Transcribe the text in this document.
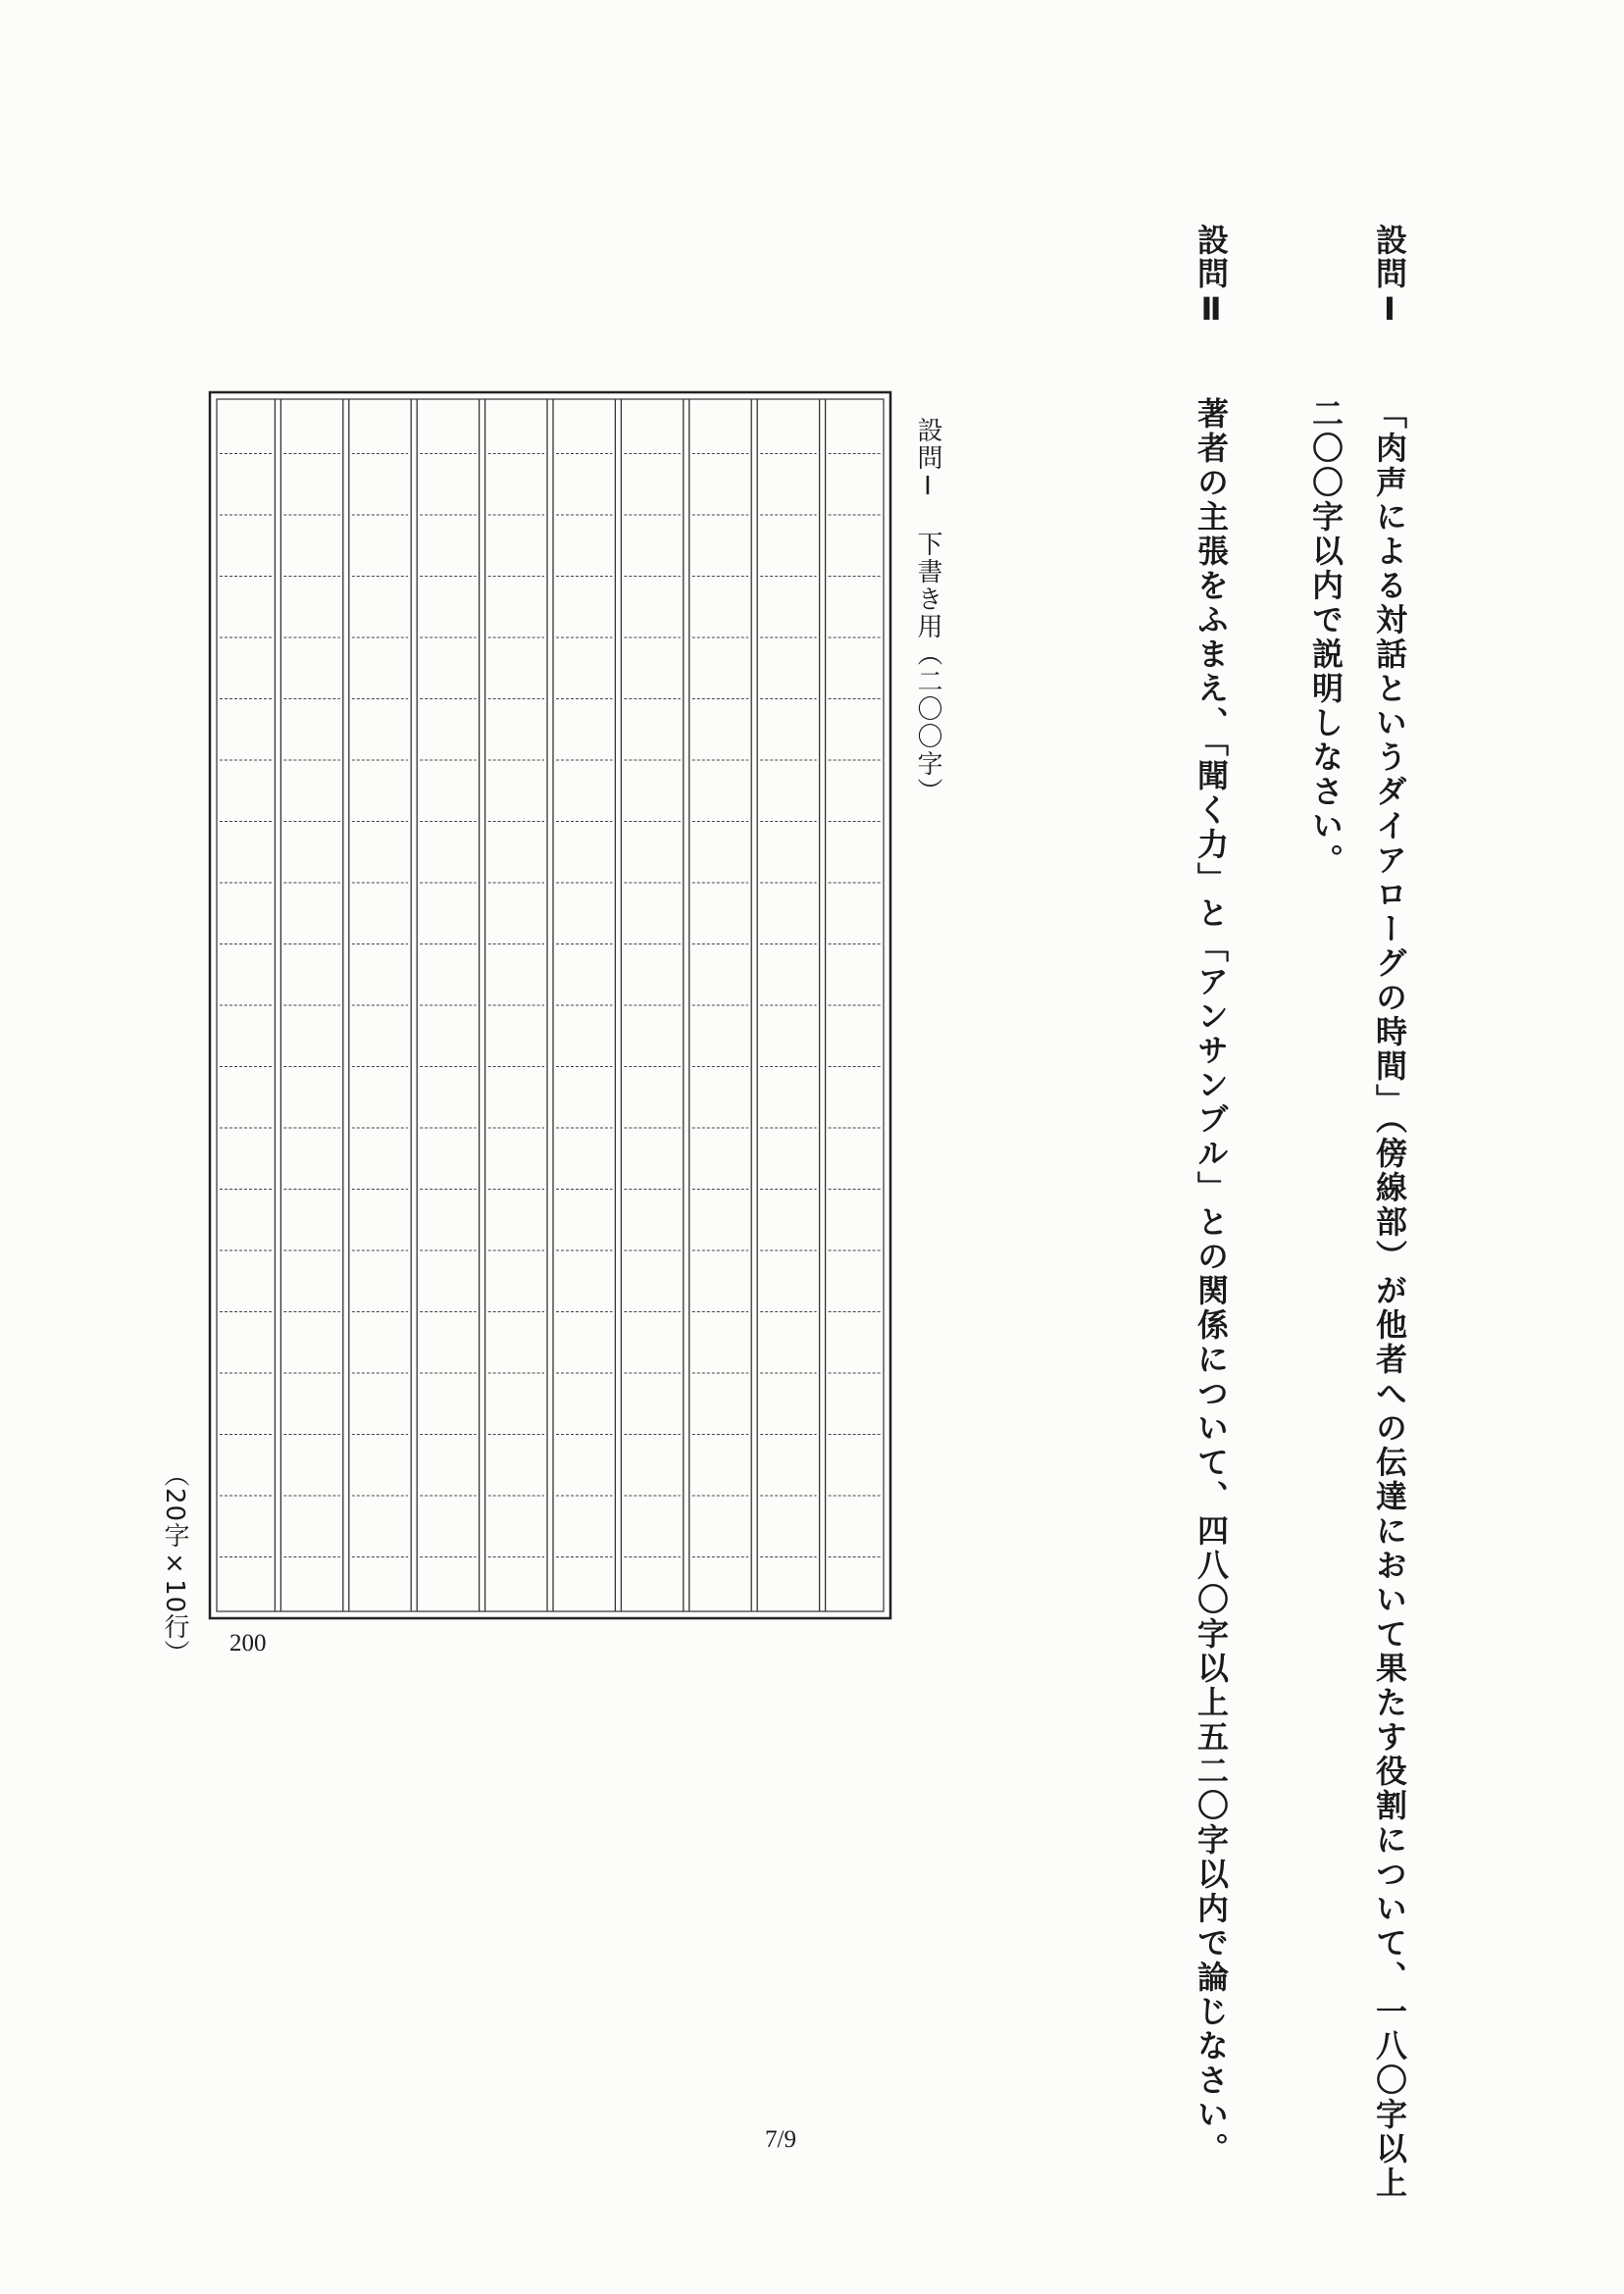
設問Ⅰ
「肉声による対話というダイアローグの時間」（傍線部）が他者への伝達において果たす役割について、一八〇字以上
二〇〇字以内で説明しなさい。
設問Ⅱ
著者の主張をふまえ、「聞く力」と「アンサンブル」との関係について、四八〇字以上五二〇字以内で論じなさい。
設問Ⅰ　下書き用（二〇〇字）
（20字×10行） 200
7/9
